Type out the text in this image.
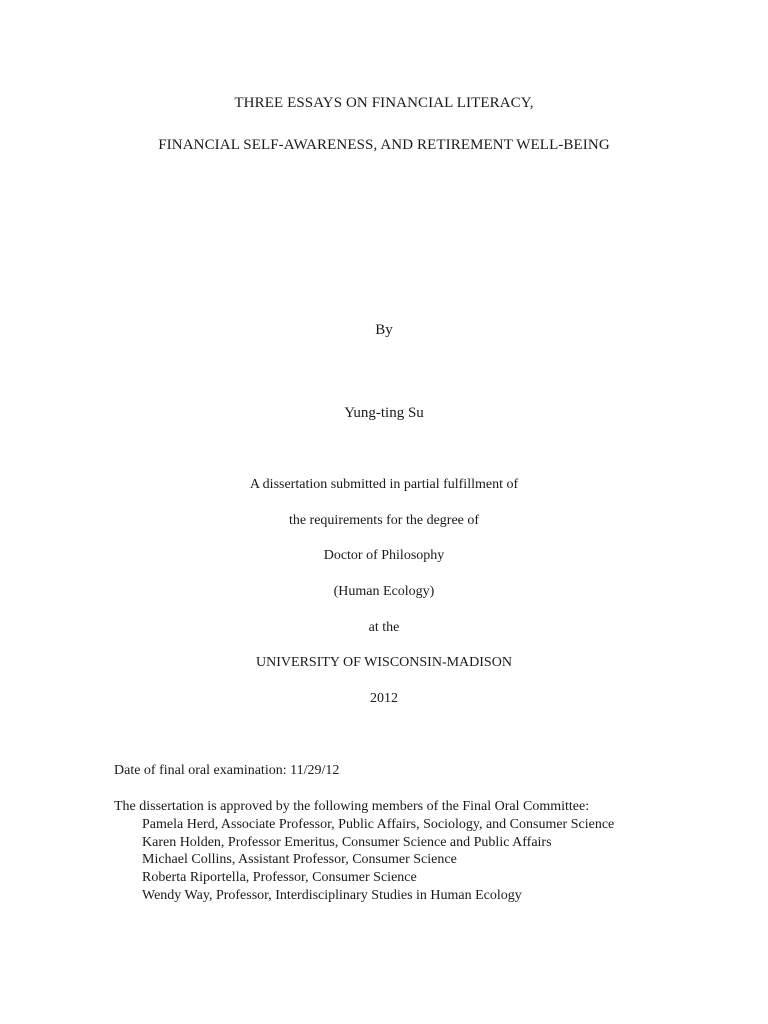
THREE ESSAYS ON FINANCIAL LITERACY,
FINANCIAL SELF-AWARENESS, AND RETIREMENT WELL-BEING
By
Yung-ting Su
A dissertation submitted in partial fulfillment of
the requirements for the degree of
Doctor of Philosophy
(Human Ecology)
at the
UNIVERSITY OF WISCONSIN-MADISON
2012
Date of final oral examination: 11/29/12
The dissertation is approved by the following members of the Final Oral Committee:
Pamela Herd, Associate Professor, Public Affairs, Sociology, and Consumer Science
Karen Holden, Professor Emeritus, Consumer Science and Public Affairs
Michael Collins, Assistant Professor, Consumer Science
Roberta Riportella, Professor, Consumer Science
Wendy Way, Professor, Interdisciplinary Studies in Human Ecology
